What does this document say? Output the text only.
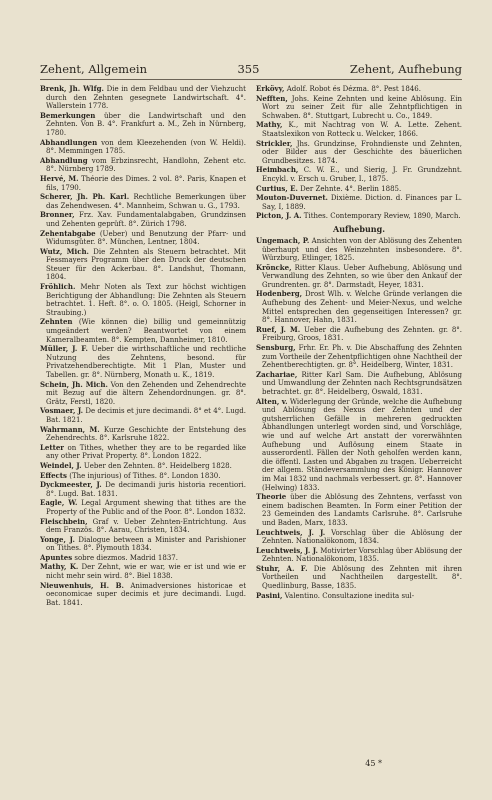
Zehent, Allgemein	355	Zehent, Aufhebung

Brenk, Jh. Wlfg. Die in dem Feldbau und der Viehzucht durch den Zehnten gesegnete Landwirtschaft. 4°. Wallerstein 1778.

Bemerkungen über die Landwirtschaft und den Zehnten. Von B. 4°. Frankfurt a. M., Zeh in Nürnberg, 1780.

Abhandlungen von dem Kleezehenden (von W. Heldi). 8°. Memmingen 1785.

Abhandlung vom Erbzinsrecht, Handlohn, Zehent etc. 8°. Nürnberg 1789.

Hervé, M. Théorie des Dimes. 2 vol. 8°. Paris, Knapen et fils, 1790.

Scherer, Jh. Ph. Karl. Rechtliche Bemerkungen über das Zehendwesen. 4°. Mannheim, Schwan u. G., 1793.

Bronner, Frz. Xav. Fundamentalabgaben, Grundzinsen und Zehenten geprüft. 8°. Zürich 1798.

Zehentabgabe (Ueber) und Benutzung der Pfarr- und Widumsgüter. 8°. München, Lentner, 1804.

Wutz, Mich. Die Zehnten als Steuern betrachtet. Mit Fessmayers Programm über den Druck der deutschen Steuer für den Ackerbau. 8°. Landshut, Thomann, 1804.

Fröhlich. Mehr Noten als Text zur höchst wichtigen Berichtigung der Abhandlung: Die Zehnten als Steuern betrachtet. 1. Heft. 8°. o. O. 1805. (Heigl, Schorner in Straubing.)

Zehnten (Wie können die) billig und gemeinnützig umgeändert werden? Beantwortet von einem Kameralbeamten. 8°. Kempten, Dannheimer, 1810.

Müller, J. F. Ueber die wirthschaftliche und rechtliche Nutzung des Zehntens, besond. für Privatzehendberechtigte. Mit 1 Plan, Muster und Tabellen. gr. 8°. Nürnberg, Monath u. K., 1819.

Schein, Jh. Mich. Von den Zehenden und Zehendrechte mit Bezug auf die ältern Zehendordnungen. gr. 8°. Grätz, Ferstl, 1820.

Vosmaer, J. De decimis et jure decimandi. 8° et 4°. Lugd. Bat. 1821.

Wahrmann, M. Kurze Geschichte der Entstehung des Zehendrechts. 8°. Karlsruhe 1822.

Letter on Tithes, whether they are to be regarded like any other Privat Property. 8°. London 1822.

Weindel, J. Ueber den Zehnten. 8°. Heidelberg 1828.

Effects (The injurious) of Tithes. 8°. London 1830.

Dyckmeester, J. De decimandi juris historia recentiori. 8°. Lugd. Bat. 1831.

Eagle, W. Legal Argument shewing that tithes are the Property of the Public and of the Poor. 8°. London 1832.

Fleischbein, Graf v. Ueber Zehnten-Entrichtung. Aus dem Französ. 8°. Aarau, Christen, 1834.

Yonge, J. Dialogue between a Minister and Parishioner on Tithes. 8°. Plymouth 1834.

Apuntes sobre diezmos. Madrid 1837.

Mathy, K. Der Zehnt, wie er war, wie er ist und wie er nicht mehr sein wird. 8°. Biel 1838.

Nieuwenhuis, H. B. Animadversiones historicae et oeconomicae super decimis et jure decimandi. Lugd. Bat. 1841.

Ërkövy, Adolf. Robot és Dézma. 8°. Pest 1846.

Nefften, Johs. Keine Zehnten und keine Ablösung. Ein Wort zu seiner Zeit für alle Zehntpflichtigen in Schwaben. 8°. Stuttgart, Lubrecht u. Co., 1849.

Mathy, K., mit Nachtrag von W. A. Lette. Zehent. Staatslexikon von Rotteck u. Welcker, 1866.

Strickler, Jhs. Grundzinse, Frohndienste und Zehnten, oder Bilder aus der Geschichte des bäuerlichen Grundbesitzes. 1874.

Heimbach, C. W. E., und Sierig, J. Fr. Grundzehnt. Encykl. v. Ersch u. Gruber, I., 1875.

Curtius, E. Der Zehnte. 4°. Berlin 1885.

Mouton-Duvernet. Dixième. Diction. d. Finances par L. Say, I, 1889.

Picton, J. A. Tithes. Contemporary Review, 1890, March.

Aufhebung.

Ungemach, P. Ansichten von der Ablösung des Zehenten überhaupt und des Weinzehnten insbesondere. 8°. Würzburg, Etlinger, 1825.

Kröncke, Ritter Klaus. Ueber Aufhebung, Ablösung und Verwandlung des Zehnten, so wie über den Ankauf der Grundrenten. gr. 8°. Darmstadt, Heyer, 1831.

Hodenberg, Drost Wlh. v. Welche Gründe verlangen die Aufhebung des Zehent- und Meier-Nexus, und welche Mittel entsprechen den gegenseitigen Interessen? gr. 8°. Hannover, Hahn, 1831.

Ruef, J. M. Ueber die Aufhebung des Zehnten. gr. 8°. Freiburg, Groos, 1831.

Sensburg, Frhr. Er. Ph. v. Die Abschaffung des Zehnten zum Vortheile der Zehentpflichtigen ohne Nachtheil der Zehentberechtigten. gr. 8°. Heidelberg, Winter, 1831.

Zachariae, Ritter Karl Sam. Die Aufhebung, Ablösung und Umwandlung der Zehnten nach Rechtsgrundsätzen betrachtet. gr. 8°. Heidelberg, Oswald, 1831.

Alten, v. Widerlegung der Gründe, welche die Aufhebung und Ablösung des Nexus der Zehnten und der gutsherrlichen Gefälle in mehreren gedruckten Abhandlungen unterlegt worden sind, und Vorschläge, wie und auf welche Art anstatt der vorerwähnten Aufhebung und Auflösung einem Staate in ausserordentl. Fällen der Noth geholfen werden kann, die öffentl. Lasten und Abgaben zu tragen. Ueberreicht der allgem. Ständeversammlung des Königr. Hannover im Mai 1832 und nachmals verbessert. gr. 8°. Hannover (Helwing) 1833.

Theorie über die Ablösung des Zehntens, verfasst von einem badischen Beamten. In Form einer Petition der 23 Gemeinden des Landamts Carlsruhe. 8°. Carlsruhe und Baden, Marx, 1833.

Leuchtweis, J. J. Vorschlag über die Ablösung der Zehnten. Nationalökonom, 1834.

Leuchtweis, J. J. Motivirter Vorschlag über Ablösung der Zehnten. Nationalökonom, 1835.

Stuhr, A. F. Die Ablösung des Zehnten mit ihren Vortheilen und Nachtheilen dargestellt. 8°. Quedlinburg, Basse, 1835.

Pasini, Valentino. Consultazione inedita sul-

45 *
